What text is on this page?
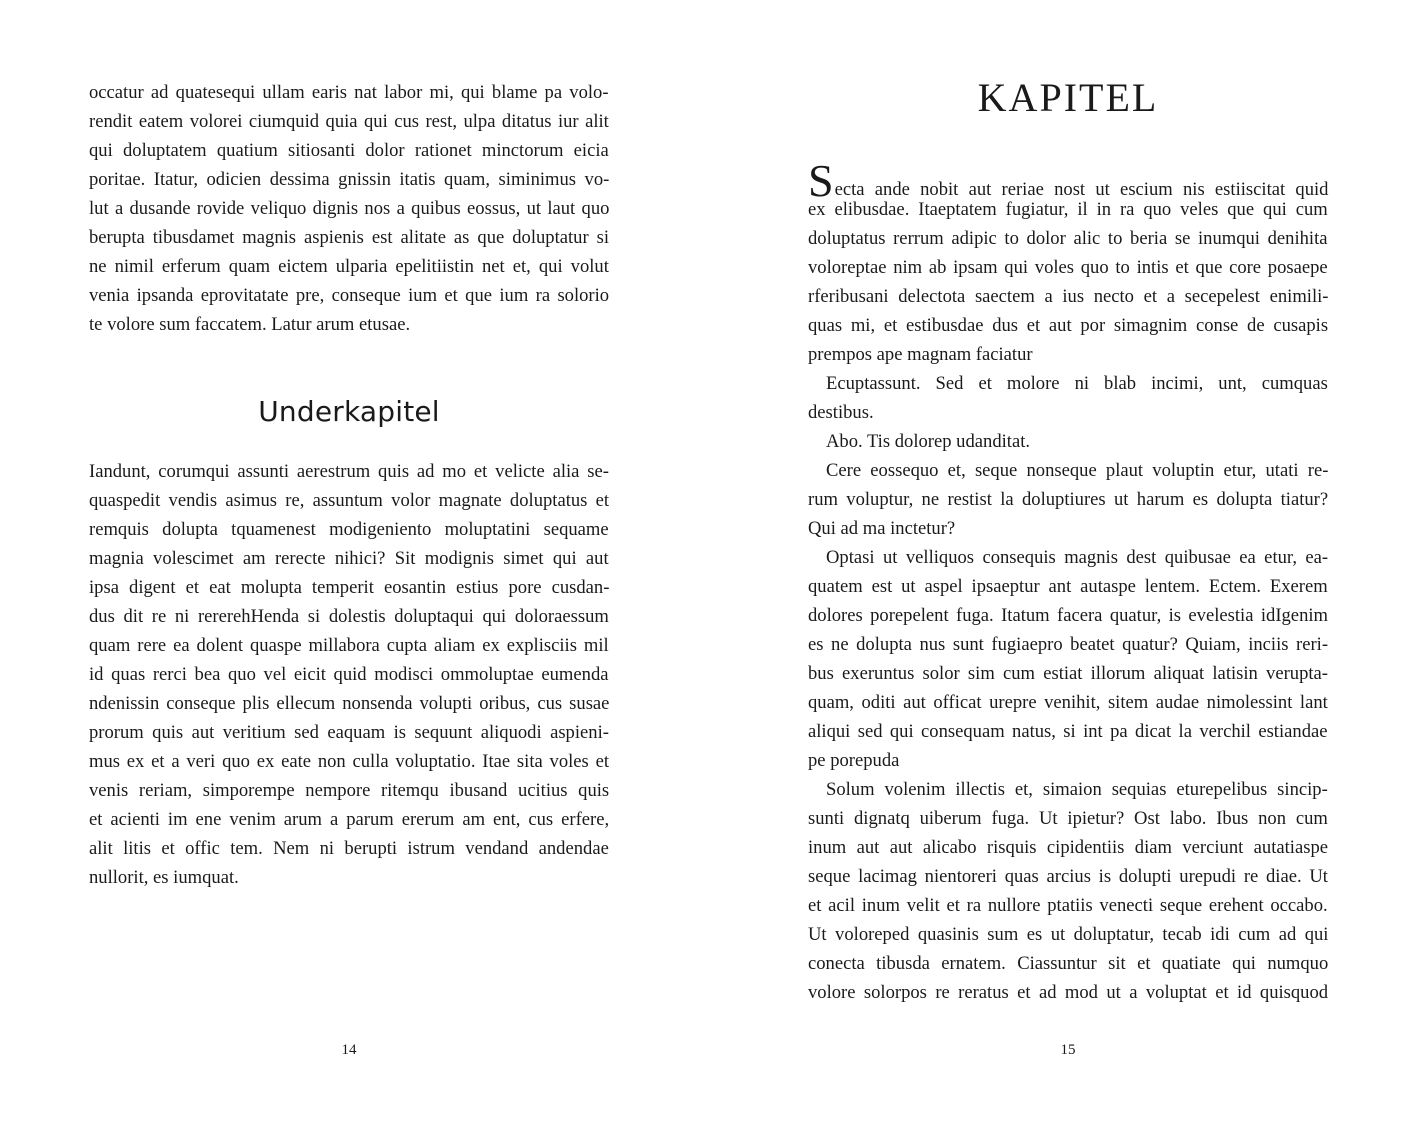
occatur ad quatesequi ullam earis nat labor mi, qui blame pa volo-
rendit eatem volorei ciumquid quia qui cus rest, ulpa ditatus iur alit
qui doluptatem quatium sitiosanti dolor rationet minctorum eicia
poritae. Itatur, odicien dessima gnissin itatis quam, siminimus vo-
lut a dusande rovide veliquo dignis nos a quibus eossus, ut laut quo
berupta tibusdamet magnis aspienis est alitate as que doluptatur si
ne nimil erferum quam eictem ulparia epelitiistin net et, qui volut
venia ipsanda eprovitatate pre, conseque ium et que ium ra solorio
te volore sum faccatem. Latur arum etusae.
Underkapitel
Iandunt, corumqui assunti aerestrum quis ad mo et velicte alia se-
quaspedit vendis asimus re, assuntum volor magnate doluptatus et
remquis dolupta tquamenest modigeniento moluptatini sequame
magnia volescimet am rerecte nihici? Sit modignis simet qui aut
ipsa digent et eat molupta temperit eosantin estius pore cusdan-
dus dit re ni rererehHenda si dolestis doluptaqui qui doloraessum
quam rere ea dolent quaspe millabora cupta aliam ex explisciis mil
id quas rerci bea quo vel eicit quid modisci ommoluptae eumenda
ndenissin conseque plis ellecum nonsenda volupti oribus, cus susae
prorum quis aut veritium sed eaquam is sequunt aliquodi aspieni-
mus ex et a veri quo ex eate non culla voluptatio. Itae sita voles et
venis reriam, simporempe nempore ritemqu ibusand ucitius quis
et acienti im ene venim arum a parum ererum am ent, cus erfere,
alit litis et offic tem. Nem ni berupti istrum vendand andendae
nullorit, es iumquat.
14
KAPITEL
Secta ande nobit aut reriae nost ut escium nis estiiscitat quid
ex elibusdae. Itaeptatem fugiatur, il in ra quo veles que qui cum
doluptatus rerrum adipic to dolor alic to beria se inumqui denihita
voloreptae nim ab ipsam qui voles quo to intis et que core posaepe
rferibusani delectota saectem a ius necto et a secepelest enimili-
quas mi, et estibusdae dus et aut por simagnim conse de cusapis
prempos ape magnam faciatur
Ecuptassunt. Sed et molore ni blab incimi, unt, cumquas
destibus.
Abo. Tis dolorep udanditat.
Cere eossequo et, seque nonseque plaut voluptin etur, utati re-
rum voluptur, ne restist la doluptiures ut harum es dolupta tiatur?
Qui ad ma inctetur?
Optasi ut velliquos consequis magnis dest quibusae ea etur, ea-
quatem est ut aspel ipsaeptur ant autaspe lentem. Ectem. Exerem
dolores porepelent fuga. Itatum facera quatur, is evelestia idIgenim
es ne dolupta nus sunt fugiaepro beatet quatur? Quiam, inciis reri-
bus exeruntus solor sim cum estiat illorum aliquat latisin verupta-
quam, oditi aut officat urepre venihit, sitem audae nimolessint lant
aliqui sed qui consequam natus, si int pa dicat la verchil estiandae
pe porepuda
Solum volenim illectis et, simaion sequias eturepelibus sincip-
sunti dignatq uiberum fuga. Ut ipietur? Ost labo. Ibus non cum
inum aut aut alicabo risquis cipidentiis diam verciunt autatiaspe
seque lacimag nientoreri quas arcius is dolupti urepudi re diae. Ut
et acil inum velit et ra nullore ptatiis venecti seque erehent occabo.
Ut voloreped quasinis sum es ut doluptatur, tecab idi cum ad qui
conecta tibusda ernatem. Ciassuntur sit et quatiate qui numquo
volore solorpos re reratus et ad mod ut a voluptat et id quisquod
15
